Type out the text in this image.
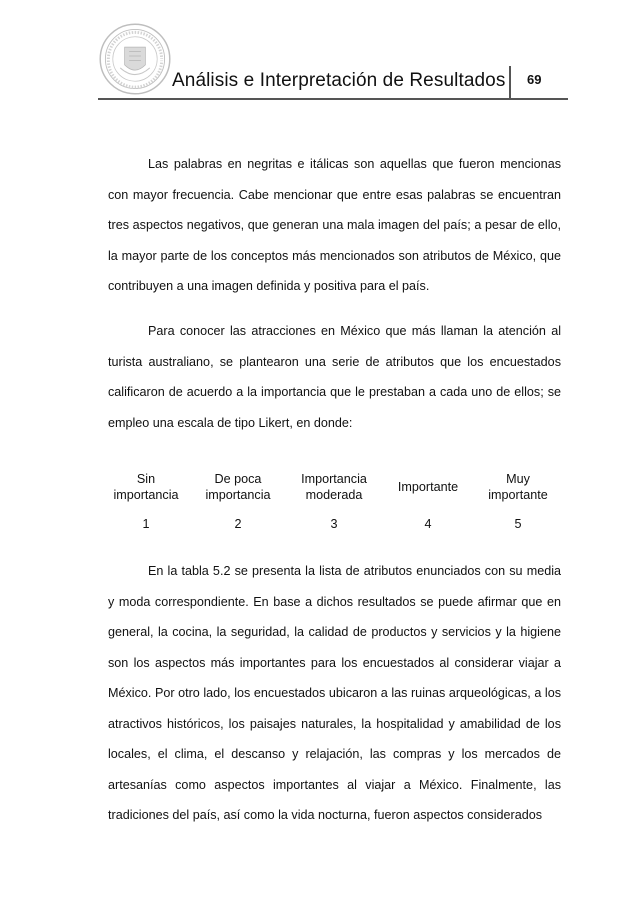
Análisis e Interpretación de Resultados 69

Las palabras en negritas e itálicas son aquellas que fueron mencionas con mayor frecuencia. Cabe mencionar que entre esas palabras se encuentran tres aspectos negativos, que generan una mala imagen del país; a pesar de ello, la mayor parte de los conceptos más mencionados son atributos de México, que contribuyen a una imagen definida y positiva para el país.

Para conocer las atracciones en México que más llaman la atención al turista australiano, se plantearon una serie de atributos que los encuestados calificaron de acuerdo a la importancia que le prestaban a cada uno de ellos; se empleo una escala de tipo Likert, en donde:

Sin
importancia
1
De poca
importancia
2
Importancia
moderada
3
Importante
4
Muy
importante
5

En la tabla 5.2 se presenta la lista de atributos enunciados con su media y moda correspondiente. En base a dichos resultados se puede afirmar que en general, la cocina, la seguridad, la calidad de productos y servicios y la higiene son los aspectos más importantes para los encuestados al considerar viajar a México. Por otro lado, los encuestados ubicaron a las ruinas arqueológicas, a los atractivos históricos, los paisajes naturales, la hospitalidad y amabilidad de los locales, el clima, el descanso y relajación, las compras y los mercados de artesanías como aspectos importantes al viajar a México. Finalmente, las tradiciones del país, así como la vida nocturna, fueron aspectos considerados
